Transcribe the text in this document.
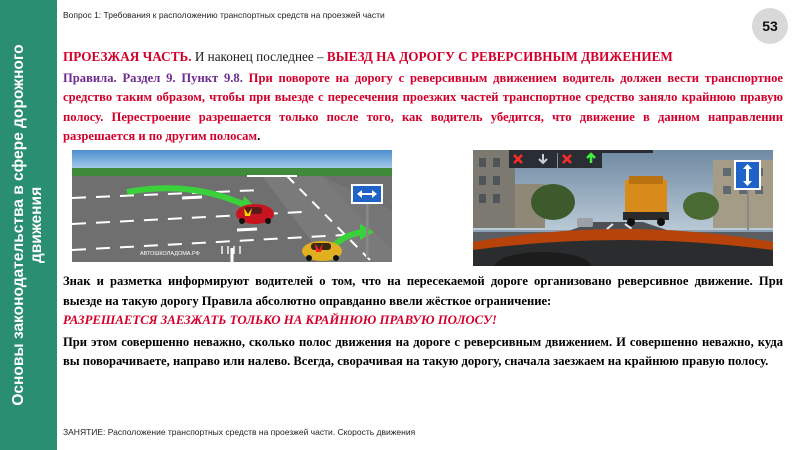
Основы законодательства в сфере дорожного движения
Вопрос 1: Требования к расположению транспортных средств на проезжей части
53
ПРОЕЗЖАЯ ЧАСТЬ. И наконец последнее – ВЫЕЗД НА ДОРОГУ С РЕВЕРСИВНЫМ ДВИЖЕНИЕМ
Правила. Раздел 9. Пункт 9.8. При повороте на дорогу с реверсивным движением водитель должен вести транспортное средство таким образом, чтобы при выезде с пересечения проезжих частей транспортное средство заняло крайнюю правую полосу. Перестроение разрешается только после того, как водитель убедится, что движение в данном направлении разрешается и по другим полосам.
АВТОШКОЛАДОМА.РФ
Знак и разметка информируют водителей о том, что на пересекаемой дороге организовано реверсивное движение. При выезде на такую дорогу Правила абсолютно оправданно ввели жёсткое ограничение:
РАЗРЕШАЕТСЯ ЗАЕЗЖАТЬ ТОЛЬКО НА КРАЙНЮЮ ПРАВУЮ ПОЛОСУ!
При этом совершенно неважно, сколько полос движения на дороге с реверсивным движением. И совершенно неважно, куда вы поворачиваете, направо или налево. Всегда, сворачивая на такую дорогу, сначала заезжаем на крайнюю правую полосу.
ЗАНЯТИЕ: Расположение транспортных средств на проезжей части. Скорость движения
